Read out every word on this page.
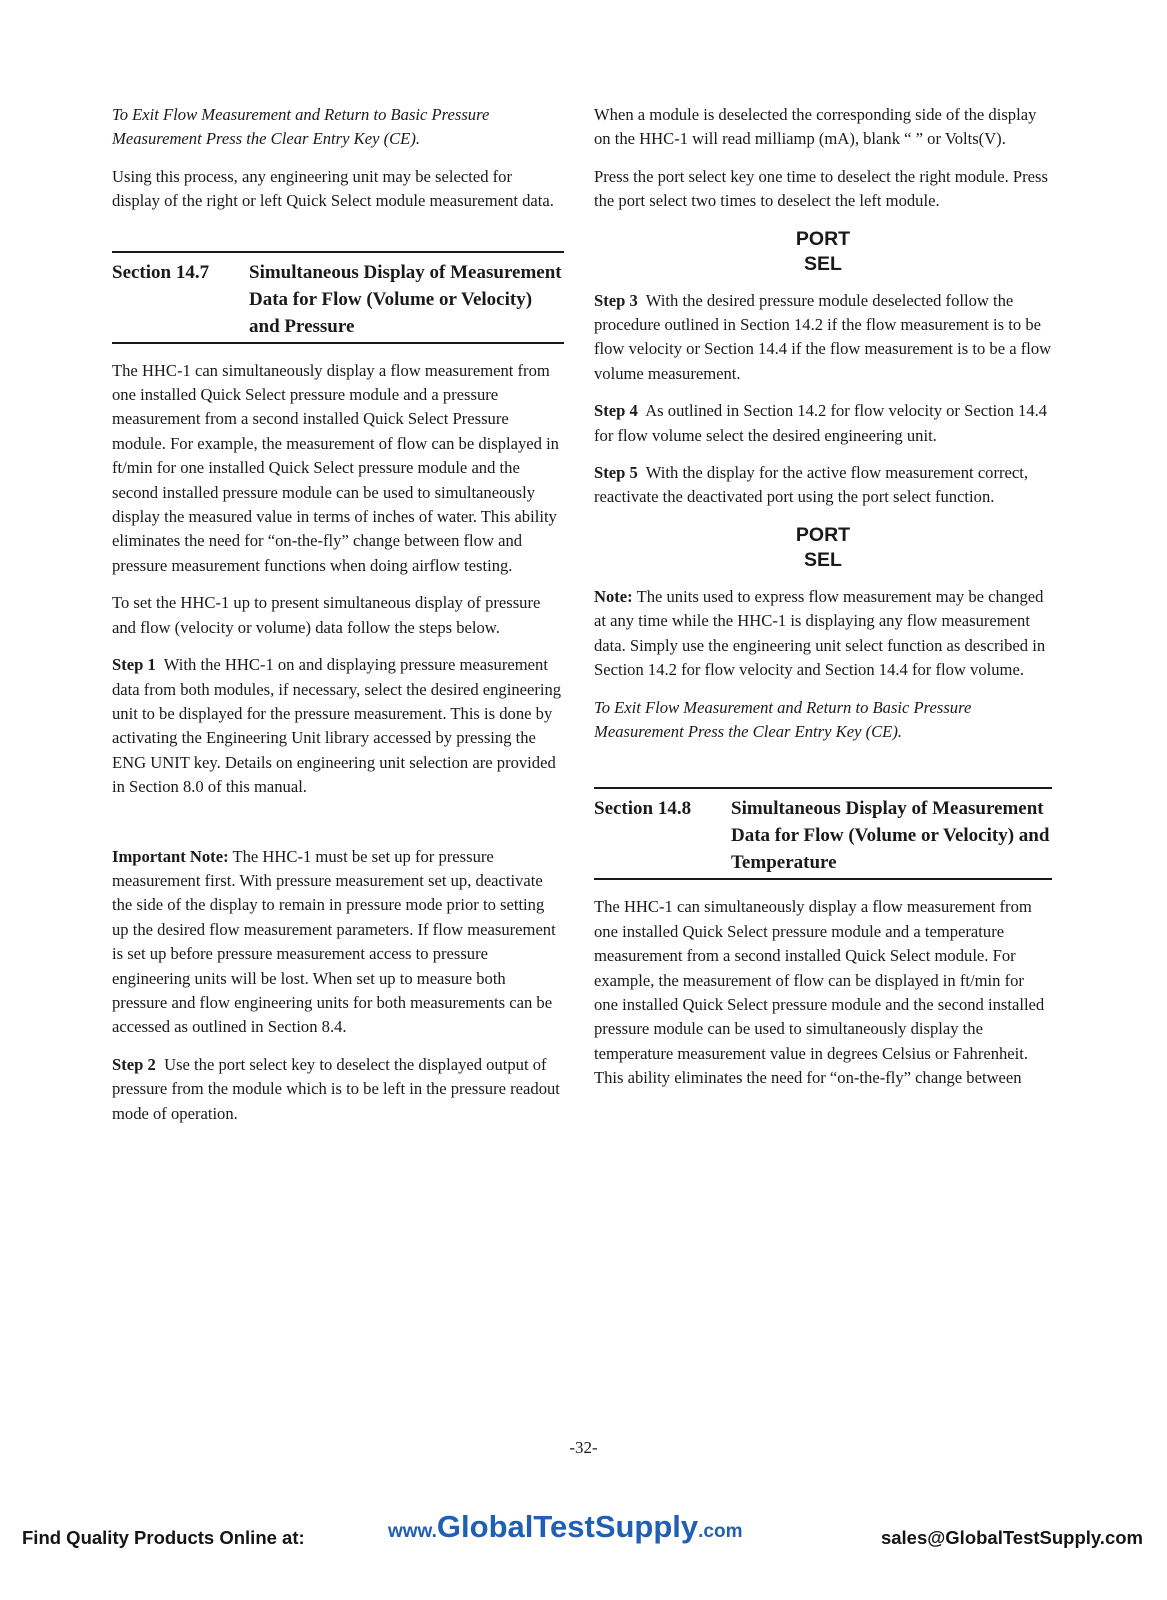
To Exit Flow Measurement and Return to Basic Pressure Measurement Press the Clear Entry Key (CE).

Using this process, any engineering unit may be selected for display of the right or left Quick Select module measurement data.

Section 14.7	Simultaneous Display of Measurement Data for Flow (Volume or Velocity) and Pressure

The HHC-1 can simultaneously display a flow measurement from one installed Quick Select pressure module and a pressure measurement from a second installed Quick Select Pressure module. For example, the measurement of flow can be displayed in ft/min for one installed Quick Select pressure module and the second installed pressure module can be used to simultaneously display the measured value in terms of inches of water. This ability eliminates the need for “on-the-fly” change between flow and pressure measurement functions when doing airflow testing.

To set the HHC-1 up to present simultaneous display of pressure and flow (velocity or volume) data follow the steps below.

Step 1 With the HHC-1 on and displaying pressure measurement data from both modules, if necessary, select the desired engineering unit to be displayed for the pressure measurement. This is done by activating the Engineering Unit library accessed by pressing the ENG UNIT key. Details on engineering unit selection are provided in Section 8.0 of this manual.

Important Note: The HHC-1 must be set up for pressure measurement first. With pressure measurement set up, deactivate the side of the display to remain in pressure mode prior to setting up the desired flow measurement parameters. If flow measurement is set up before pressure measurement access to pressure engineering units will be lost. When set up to measure both pressure and flow engineering units for both measurements can be accessed as outlined in Section 8.4.

Step 2 Use the port select key to deselect the displayed output of pressure from the module which is to be left in the pressure readout mode of operation.

When a module is deselected the corresponding side of the display on the HHC-1 will read milliamp (mA), blank “ ” or Volts(V).

Press the port select key one time to deselect the right module. Press the port select two times to deselect the left module.

PORT
SEL

Step 3 With the desired pressure module deselected follow the procedure outlined in Section 14.2 if the flow measurement is to be flow velocity or Section 14.4 if the flow measurement is to be a flow volume measurement.

Step 4 As outlined in Section 14.2 for flow velocity or Section 14.4 for flow volume select the desired engineering unit.

Step 5 With the display for the active flow measurement correct, reactivate the deactivated port using the port select function.

PORT
SEL

Note: The units used to express flow measurement may be changed at any time while the HHC-1 is displaying any flow measurement data. Simply use the engineering unit select function as described in Section 14.2 for flow velocity and Section 14.4 for flow volume.

To Exit Flow Measurement and Return to Basic Pressure Measurement Press the Clear Entry Key (CE).

Section 14.8	Simultaneous Display of Measurement Data for Flow (Volume or Velocity) and Temperature

The HHC-1 can simultaneously display a flow measurement from one installed Quick Select pressure module and a temperature measurement from a second installed Quick Select module. For example, the measurement of flow can be displayed in ft/min for one installed Quick Select pressure module and the second installed pressure module can be used to simultaneously display the temperature measurement value in degrees Celsius or Fahrenheit. This ability eliminates the need for “on-the-fly” change between

-32-
Find Quality Products Online at:	www.GlobalTestSupply.com	sales@GlobalTestSupply.com
